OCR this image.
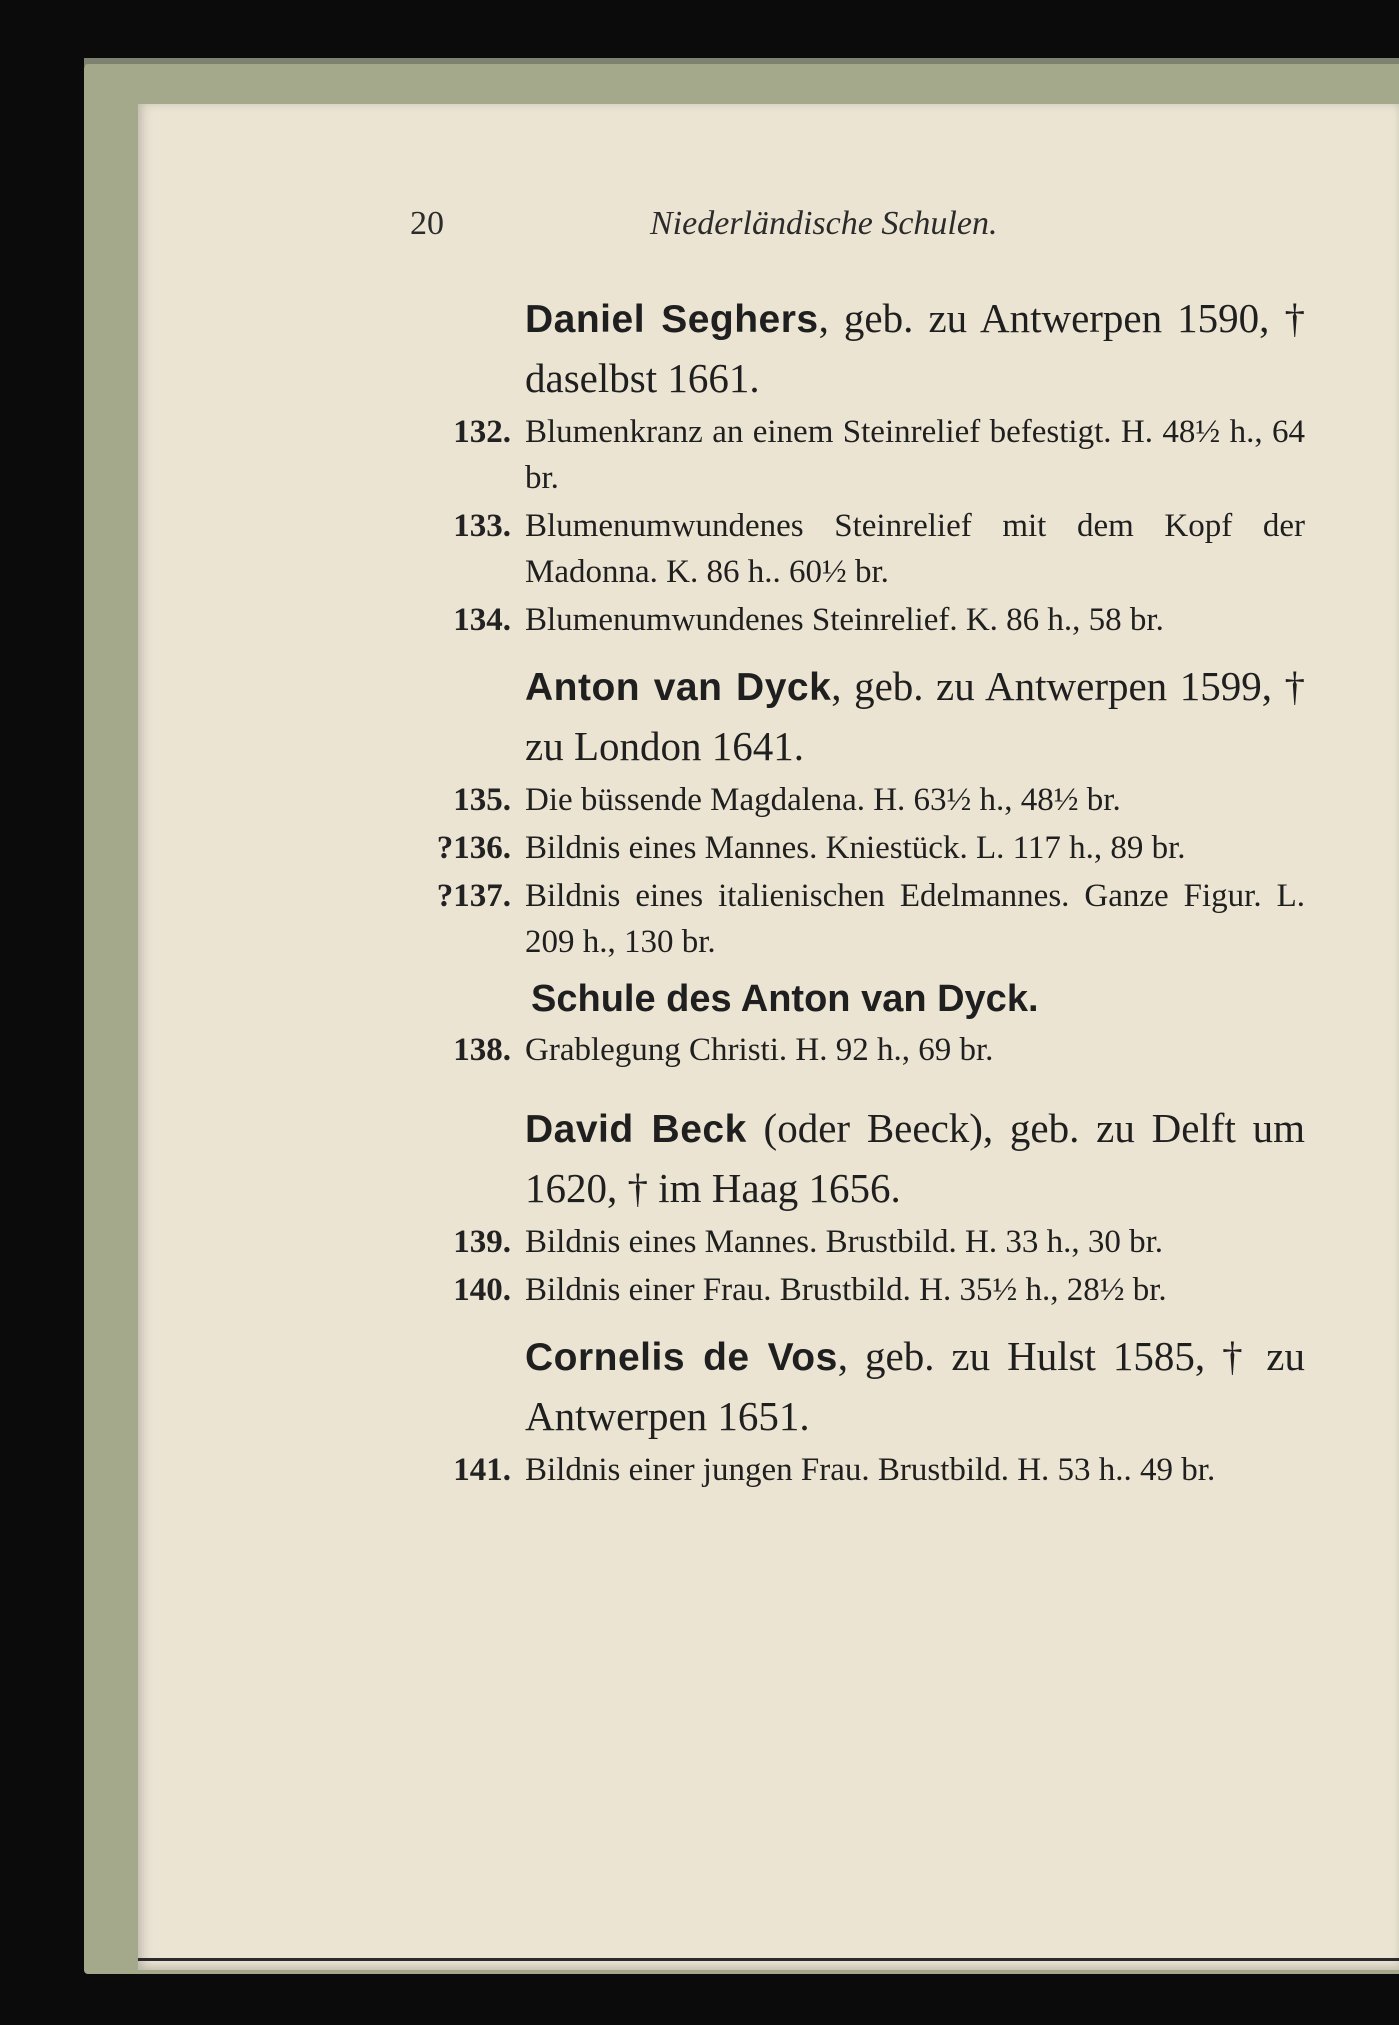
20	Niederländische Schulen.
Daniel Seghers, geb. zu Antwerpen 1590, † daselbst 1661.
132. Blumenkranz an einem Steinrelief befestigt. H. 48½ h., 64 br.
133. Blumenumwundenes Steinrelief mit dem Kopf der Madonna. K. 86 h.. 60½ br.
134. Blumenumwundenes Steinrelief. K. 86 h., 58 br.
Anton van Dyck, geb. zu Antwerpen 1599, † zu London 1641.
135. Die büssende Magdalena. H. 63½ h., 48½ br.
?136. Bildnis eines Mannes. Kniestück. L. 117 h., 89 br.
?137. Bildnis eines italienischen Edelmannes. Ganze Figur. L. 209 h., 130 br.
Schule des Anton van Dyck.
138. Grablegung Christi. H. 92 h., 69 br.
David Beck (oder Beeck), geb. zu Delft um 1620, † im Haag 1656.
139. Bildnis eines Mannes. Brustbild. H. 33 h., 30 br.
140. Bildnis einer Frau. Brustbild. H. 35½ h., 28½ br.
Cornelis de Vos, geb. zu Hulst 1585, † zu Antwerpen 1651.
141. Bildnis einer jungen Frau. Brustbild. H. 53 h.. 49 br.
